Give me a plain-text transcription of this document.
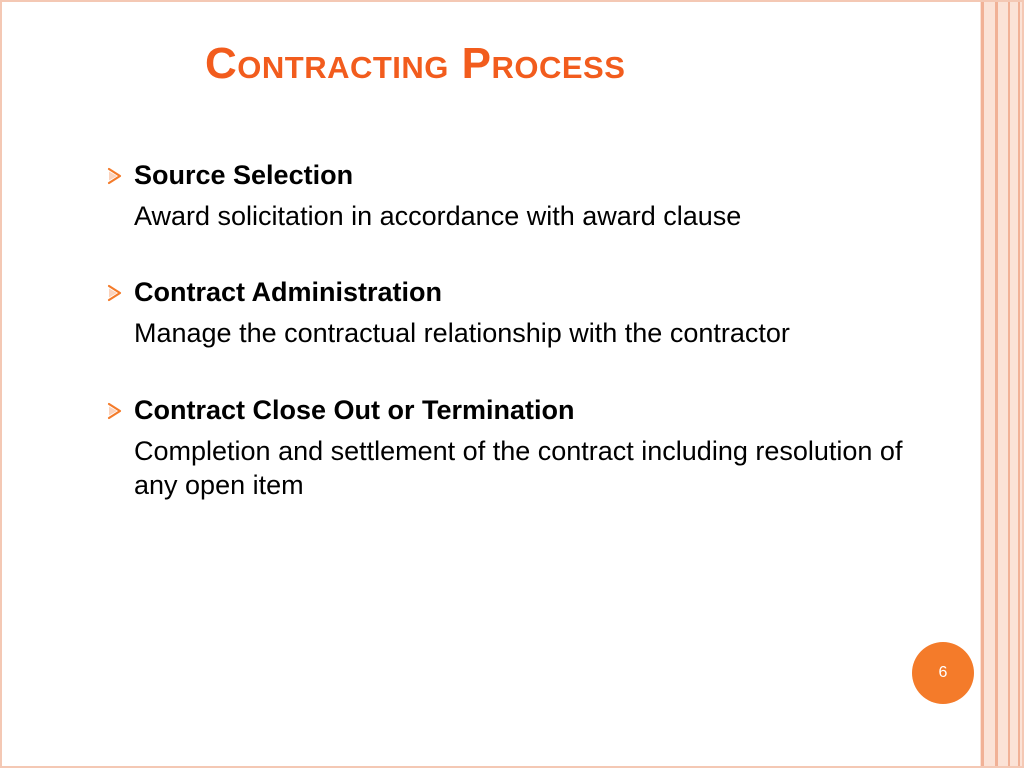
Contracting Process
Source Selection
Award solicitation in accordance with award clause
Contract Administration
Manage the contractual relationship with the contractor
Contract Close Out or Termination
Completion and settlement of the contract including resolution of any open item
6
